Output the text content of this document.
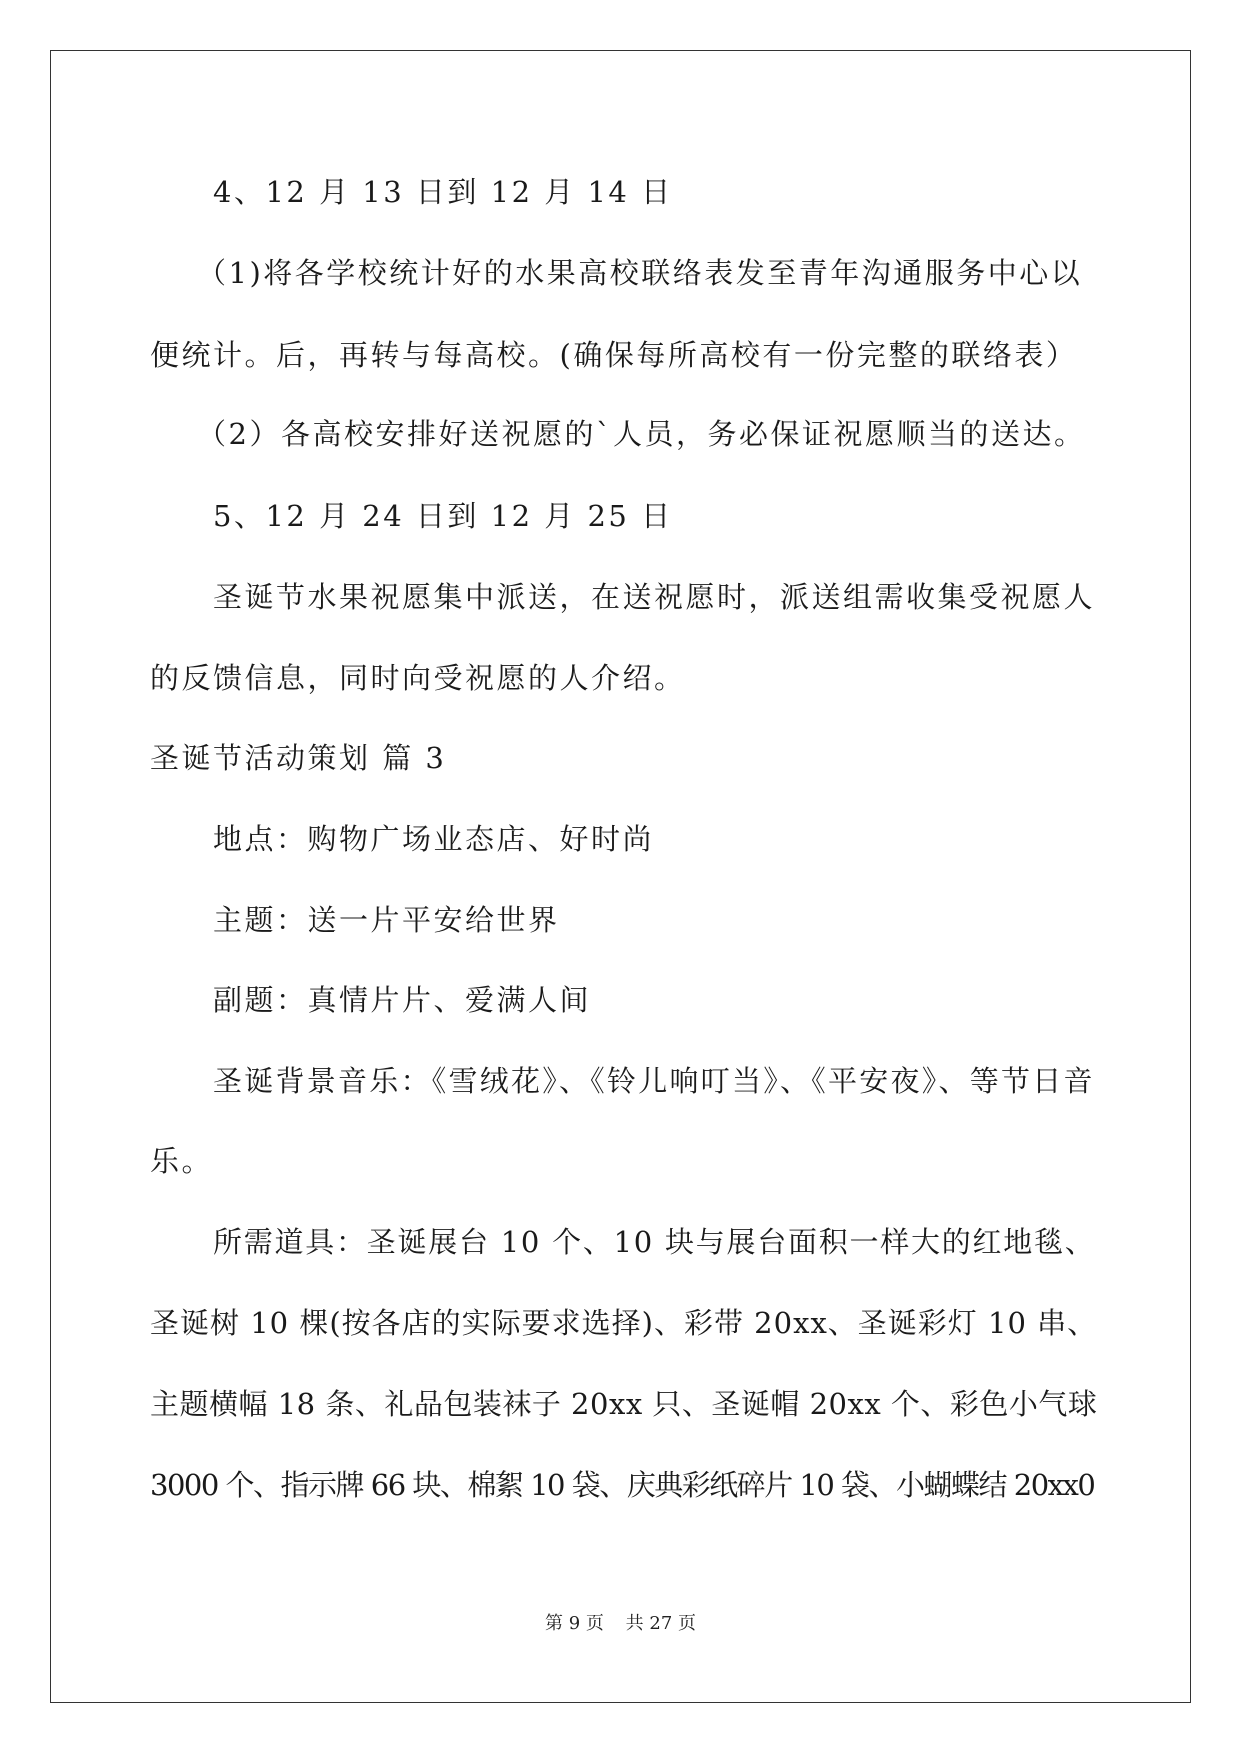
4、12 月 13 日到 12 月 14 日
（1)将各学校统计好的水果高校联络表发至青年沟通服务中心以
便统计。后，再转与每高校。(确保每所高校有一份完整的联络表）
（2）各高校安排好送祝愿的`人员，务必保证祝愿顺当的送达。
5、12 月 24 日到 12 月 25 日
圣诞节水果祝愿集中派送，在送祝愿时，派送组需收集受祝愿人
的反馈信息，同时向受祝愿的人介绍。
圣诞节活动策划 篇 3
地点：购物广场业态店、好时尚
主题：送一片平安给世界
副题：真情片片、爱满人间
圣诞背景音乐：《雪绒花》、《铃儿响叮当》、《平安夜》、等节日音
乐。
所需道具：圣诞展台 10 个、10 块与展台面积一样大的红地毯、
圣诞树 10 棵(按各店的实际要求选择)、彩带 20xx、圣诞彩灯 10 串、
主题横幅 18 条、礼品包装袜子 20xx 只、圣诞帽 20xx 个、彩色小气球
3000 个、指示牌 66 块、棉絮 10 袋、庆典彩纸碎片 10 袋、小蝴蝶结 20xx0
第 9 页 共 27 页
